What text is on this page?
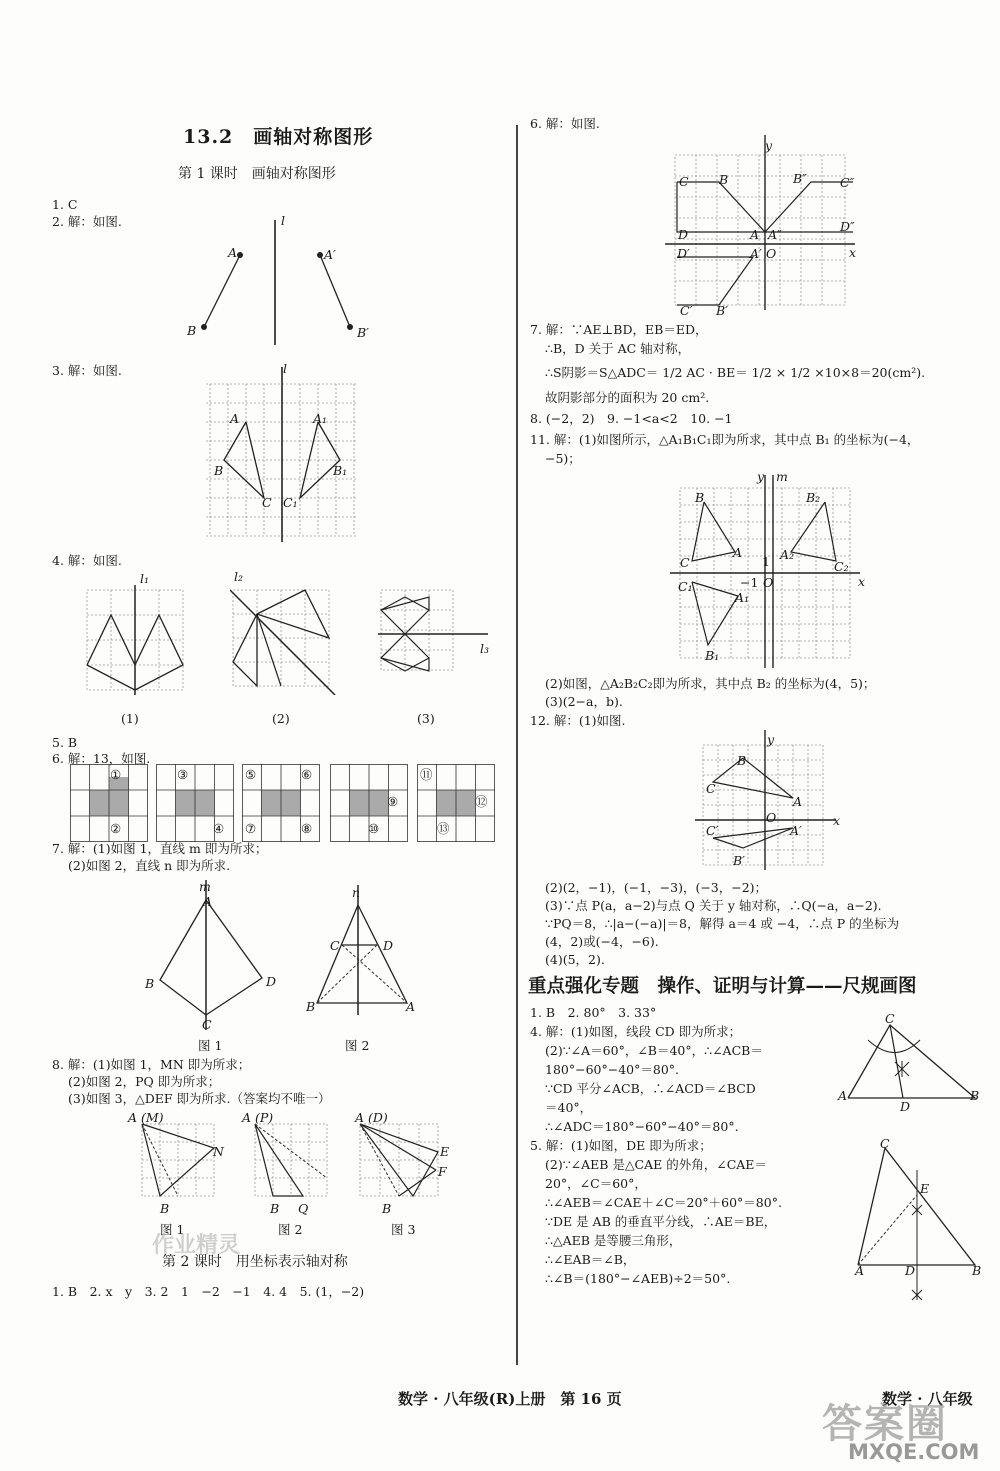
13.2　画轴对称图形
第 1 课时　画轴对称图形
1. C
2. 解：如图.	l
A
B
A′
B′
3. 解：如图.	l
A
B
C
A₁
B₁
C₁
4. 解：如图.
l₁	l₂
l₃
(1)	(2)	(3)
5. B
6. 解：13，如图.
①
②
③
④
⑤	⑥
⑦	⑧
⑨
⑩
⑪
⑫
⑬
7. 解：(1)如图 1，直线 m 即为所求；
(2)如图 2，直线 n 即为所求.
m
A
B	D
C
n
C	D
B	A
图 1	图 2
8. 解：(1)如图 1，MN 即为所求；
(2)如图 2，PQ 即为所求；
(3)如图 3，△DEF 即为所求.（答案均不唯一）
A (M)
N
B
A (P)
B Q
A (D)
E
F
B
图 1	图 2	图 3
作业精灵
第 2 课时　用坐标表示轴对称
1. B　2. x　y　3. 2　1　−2　−1　4. 4　5. (1，−2)
6. 解：如图.
y
x
C B	B″	C″
D″
D	A A″
D′	A′ O
C′ B′
7. 解：∵AE⊥BD，EB＝ED，
∴B，D 关于 AC 轴对称，
∴S阴影＝S△ADC＝ 1/2 AC · BE＝ 1/2 × 1/2 ×10×8＝20(cm²).
故阴影部分的面积为 20 cm².
8. (−2，2)　9. −1<a<2　10. −1
11. 解：(1)如图所示，△A₁B₁C₁即为所求，其中点 B₁ 的坐标为(−4，
−5)；
y m
x
B
A
C
B₂
A₂
C₂
1
−1 O
C₁
A₁
B₁
(2)如图，△A₂B₂C₂即为所求，其中点 B₂ 的坐标为(4，5)；
(3)(2−a，b).
12. 解：(1)如图.
y
x
B
C
A
O
C′	A′
B′
(2)(2，−1)，(−1，−3)，(−3，−2)；
(3)∵点 P(a，a−2)与点 Q 关于 y 轴对称，∴Q(−a，a−2).
∵PQ＝8，∴|a−(−a)|＝8，解得 a＝4 或 −4，∴点 P 的坐标为
(4，2)或(−4，−6).
(4)(5，2).
重点强化专题　操作、证明与计算——尺规画图
1. B　2. 80°　3. 33°
4. 解：(1)如图，线段 CD 即为所求；
(2)∵∠A＝60°，∠B＝40°，∴∠ACB＝
180°−60°−40°＝80°.
∵CD 平分∠ACB，∴∠ACD＝∠BCD
＝40°，
∴∠ADC＝180°−60°−40°＝80°.
C
A
D
B
5. 解：(1)如图，DE 即为所求；
(2)∵∠AEB 是△CAE 的外角，∠CAE＝
20°，∠C＝60°，
∴∠AEB＝∠CAE＋∠C＝20°＋60°＝80°.
∵DE 是 AB 的垂直平分线，∴AE＝BE，
∴△AEB 是等腰三角形，
∴∠EAB＝∠B，
∴∠B＝(180°−∠AEB)÷2＝50°.
C
E
A	D	B
数学 · 八年级(R)上册　第 16 页	数学 · 八年级
答案圈
MXQE.COM
